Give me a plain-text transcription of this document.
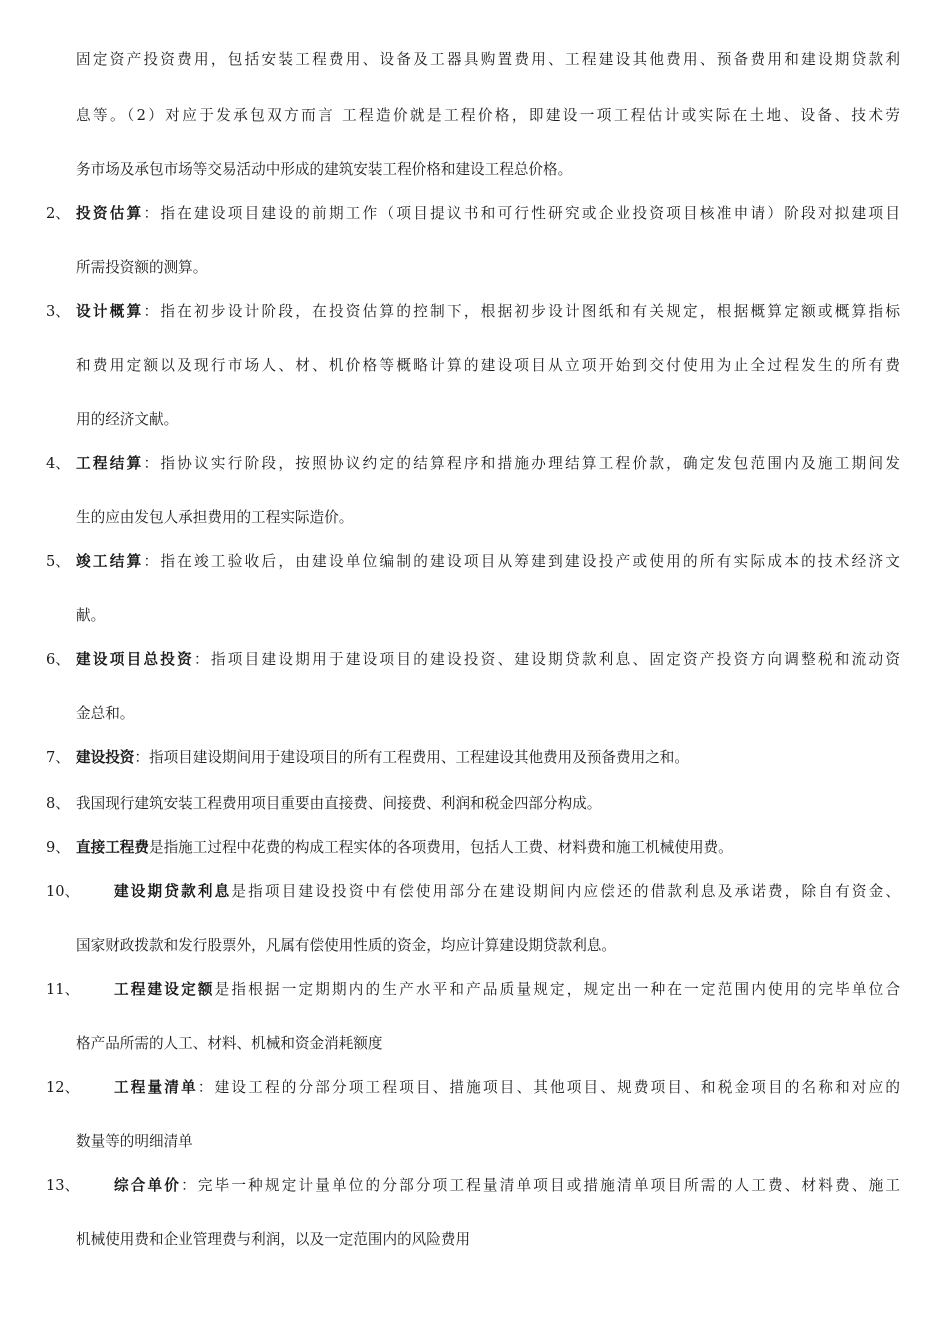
固定资产投资费用，包括安装工程费用、设备及工器具购置费用、工程建设其他费用、预备费用和建设期贷款利
息等。（2）对应于发承包双方而言 工程造价就是工程价格，即建设一项工程估计或实际在土地、设备、技术劳
务市场及承包市场等交易活动中形成的建筑安装工程价格和建设工程总价格。
2、 投资估算：指在建设项目建设的前期工作（项目提议书和可行性研究或企业投资项目核准申请）阶段对拟建项目
所需投资额的测算。
3、 设计概算：指在初步设计阶段，在投资估算的控制下，根据初步设计图纸和有关规定，根据概算定额或概算指标
和费用定额以及现行市场人、材、机价格等概略计算的建设项目从立项开始到交付使用为止全过程发生的所有费
用的经济文献。
4、 工程结算：指协议实行阶段，按照协议约定的结算程序和措施办理结算工程价款，确定发包范围内及施工期间发
生的应由发包人承担费用的工程实际造价。
5、 竣工结算：指在竣工验收后，由建设单位编制的建设项目从筹建到建设投产或使用的所有实际成本的技术经济文
献。
6、 建设项目总投资：指项目建设期用于建设项目的建设投资、建设期贷款利息、固定资产投资方向调整税和流动资
金总和。
7、 建设投资：指项目建设期间用于建设项目的所有工程费用、工程建设其他费用及预备费用之和。
8、 我国现行建筑安装工程费用项目重要由直接费、间接费、利润和税金四部分构成。
9、 直接工程费是指施工过程中花费的构成工程实体的各项费用，包括人工费、材料费和施工机械使用费。
10、 建设期贷款利息是指项目建设投资中有偿使用部分在建设期间内应偿还的借款利息及承诺费，除自有资金、
国家财政拨款和发行股票外，凡属有偿使用性质的资金，均应计算建设期贷款利息。
11、 工程建设定额是指根据一定期期内的生产水平和产品质量规定，规定出一种在一定范围内使用的完毕单位合
格产品所需的人工、材料、机械和资金消耗额度
12、 工程量清单：建设工程的分部分项工程项目、措施项目、其他项目、规费项目、和税金项目的名称和对应的
数量等的明细清单
13、 综合单价：完毕一种规定计量单位的分部分项工程量清单项目或措施清单项目所需的人工费、材料费、施工
机械使用费和企业管理费与利润，以及一定范围内的风险费用
